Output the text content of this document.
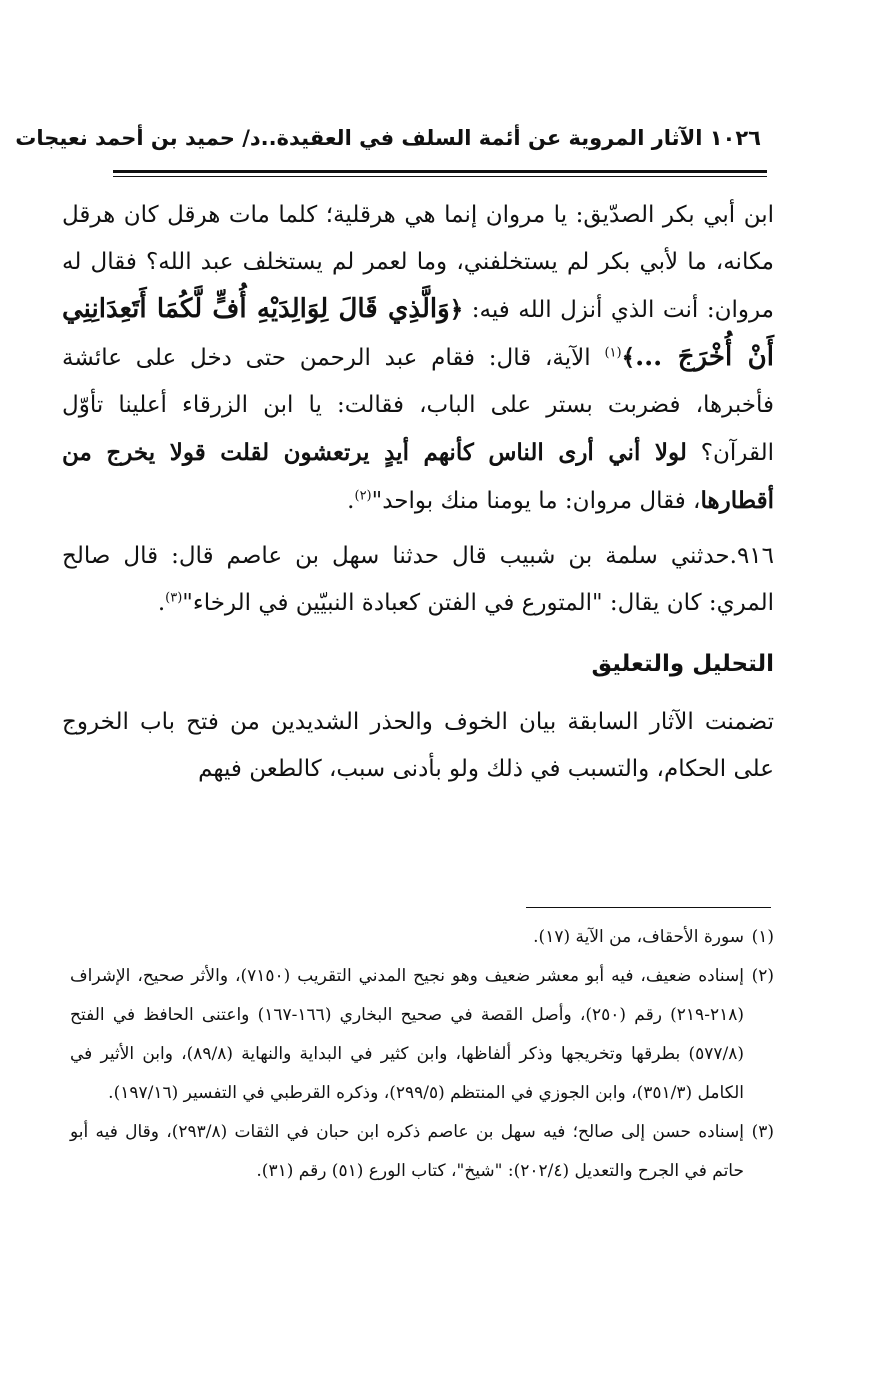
١٠٢٦ الآثار المروية عن أئمة السلف في العقيدة..د/ حميد بن أحمد نعيجات

ابن أبي بكر الصدّيق: يا مروان إنما هي هرقلية؛ كلما مات هرقل كان هرقل مكانه، ما لأبي بكر لم يستخلفني، وما لعمر لم يستخلف عبد الله؟ فقال له مروان: أنت الذي أنزل الله فيه: ﴿وَالَّذِي قَالَ لِوَالِدَيْهِ أُفٍّ لَّكُمَا أَتَعِدَانِنِي أَنْ أُخْرَجَ ...﴾$^{(١)}$ الآية، قال: فقام عبد الرحمن حتى دخل على عائشة فأخبرها، فضربت بستر على الباب، فقالت: يا ابن الزرقاء أعلينا تأوّل القرآن؟ لولا أني أرى الناس كأنهم أيدٍ يرتعشون لقلت قولا يخرج من أقطارها، فقال مروان: ما يومنا منك بواحد"$^{(٢)}$.

٩١٦.حدثني سلمة بن شبيب قال حدثنا سهل بن عاصم قال: قال صالح المري: كان يقال: "المتورع في الفتن كعبادة النبيّين في الرخاء"$^{(٣)}$.

التحليل والتعليق

تضمنت الآثار السابقة بيان الخوف والحذر الشديدين من فتح باب الخروج على الحكام، والتسبب في ذلك ولو بأدنى سبب، كالطعن فيهم

(١)سورة الأحقاف، من الآية (١٧).

(٢)إسناده ضعيف، فيه أبو معشر ضعيف وهو نجيح المدني التقريب (٧١٥٠)، والأثر صحيح، الإشراف (٢١٨-٢١٩) رقم (٢٥٠)، وأصل القصة في صحيح البخاري (١٦٦-١٦٧) واعتنى الحافظ في الفتح (٥٧٧/٨) بطرقها وتخريجها وذكر ألفاظها، وابن كثير في البداية والنهاية (٨٩/٨)، وابن الأثير في الكامل (٣٥١/٣)، وابن الجوزي في المنتظم (٢٩٩/٥)، وذكره القرطبي في التفسير (١٩٧/١٦).

(٣)إسناده حسن إلى صالح؛ فيه سهل بن عاصم ذكره ابن حبان في الثقات (٢٩٣/٨)، وقال فيه أبو حاتم في الجرح والتعديل (٢٠٢/٤): "شيخ"، كتاب الورع (٥١) رقم (٣١).
